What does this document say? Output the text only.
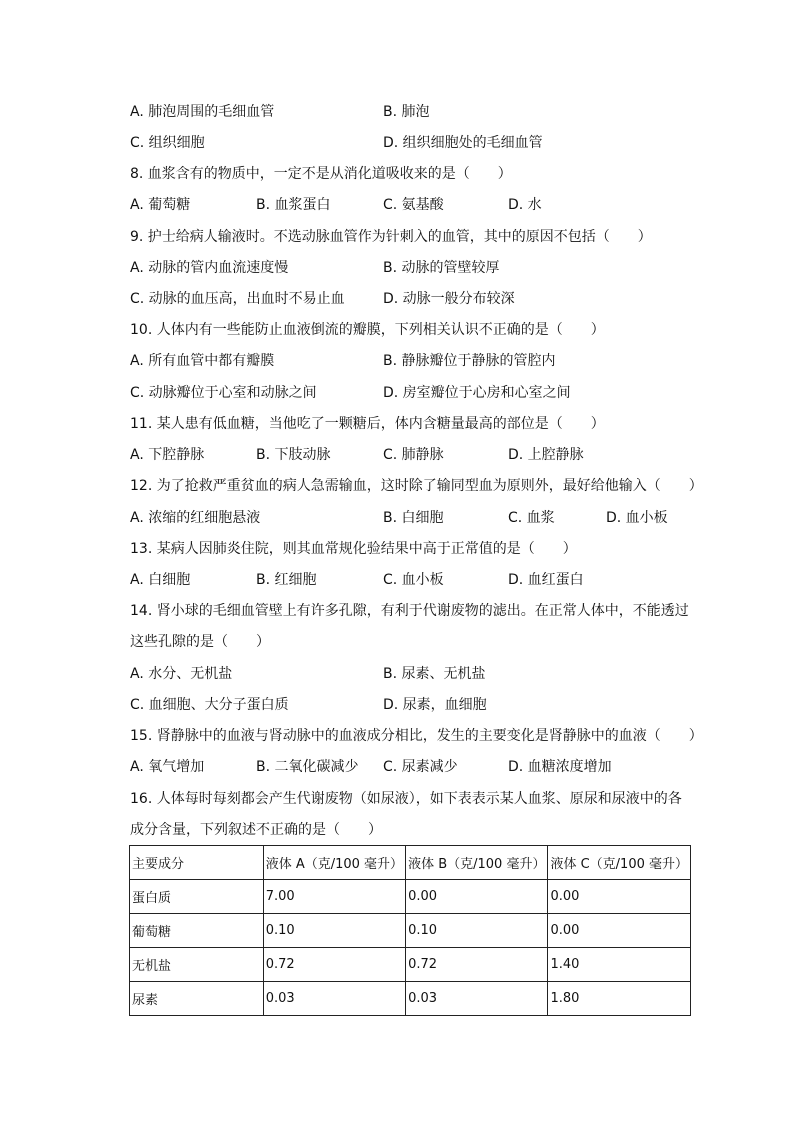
A. 肺泡周围的毛细血管	B. 肺泡
C. 组织细胞	D. 组织细胞处的毛细血管
8. 血浆含有的物质中，一定不是从消化道吸收来的是（　　）
A. 葡萄糖	B. 血浆蛋白	C. 氨基酸	D. 水
9. 护士给病人输液时。不选动脉血管作为针刺入的血管，其中的原因不包括（　　）
A. 动脉的管内血流速度慢	B. 动脉的管壁较厚
C. 动脉的血压高，出血时不易止血	D. 动脉一般分布较深
10. 人体内有一些能防止血液倒流的瓣膜，下列相关认识不正确的是（　　）
A. 所有血管中都有瓣膜	B. 静脉瓣位于静脉的管腔内
C. 动脉瓣位于心室和动脉之间	D. 房室瓣位于心房和心室之间
11. 某人患有低血糖，当他吃了一颗糖后，体内含糖量最高的部位是（　　）
A. 下腔静脉	B. 下肢动脉	C. 肺静脉	D. 上腔静脉
12. 为了抢救严重贫血的病人急需输血，这时除了输同型血为原则外，最好给他输入（　　）
A. 浓缩的红细胞悬液	B. 白细胞	C. 血浆	D. 血小板
13. 某病人因肺炎住院，则其血常规化验结果中高于正常值的是（　　）
A. 白细胞	B. 红细胞	C. 血小板	D. 血红蛋白
14. 肾小球的毛细血管壁上有许多孔隙，有利于代谢废物的滤出。在正常人体中，不能透过
这些孔隙的是（　　）
A. 水分、无机盐	B. 尿素、无机盐
C. 血细胞、大分子蛋白质	D. 尿素，血细胞
15. 肾静脉中的血液与肾动脉中的血液成分相比，发生的主要变化是肾静脉中的血液（　　）
A. 氧气增加	B. 二氧化碳减少 C. 尿素减少	D. 血糖浓度增加
16. 人体每时每刻都会产生代谢废物（如尿液），如下表表示某人血浆、原尿和尿液中的各
成分含量，下列叙述不正确的是（　　）
主要成分	液体 A（克/100 毫升）	液体 B（克/100 毫升）	液体 C（克/100 毫升）
蛋白质	7.00	0.00	0.00
葡萄糖	0.10	0.10	0.00
无机盐	0.72	0.72	1.40
尿素	0.03	0.03	1.80
